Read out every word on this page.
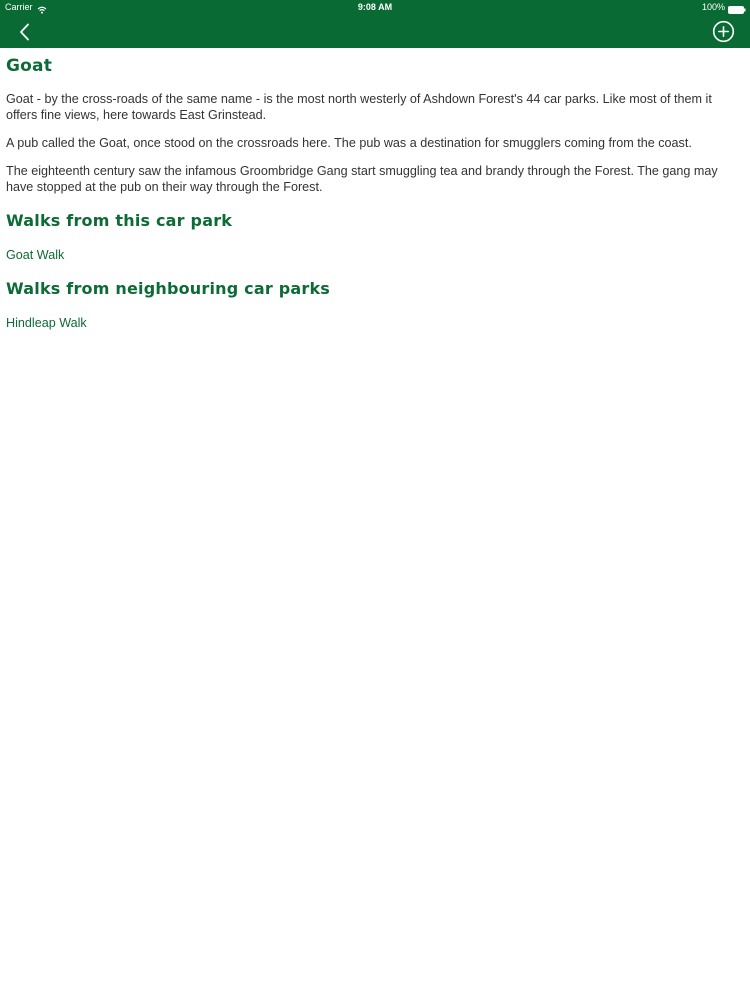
Carrier	9:08 AM	100%
Goat

Goat - by the cross-roads of the same name - is the most north westerly of Ashdown Forest's 44 car parks. Like most of them it offers fine views, here towards East Grinstead.

A pub called the Goat, once stood on the crossroads here. The pub was a destination for smugglers coming from the coast.

The eighteenth century saw the infamous Groombridge Gang start smuggling tea and brandy through the Forest. The gang may have stopped at the pub on their way through the Forest.

Walks from this car park
Goat Walk
Walks from neighbouring car parks
Hindleap Walk
